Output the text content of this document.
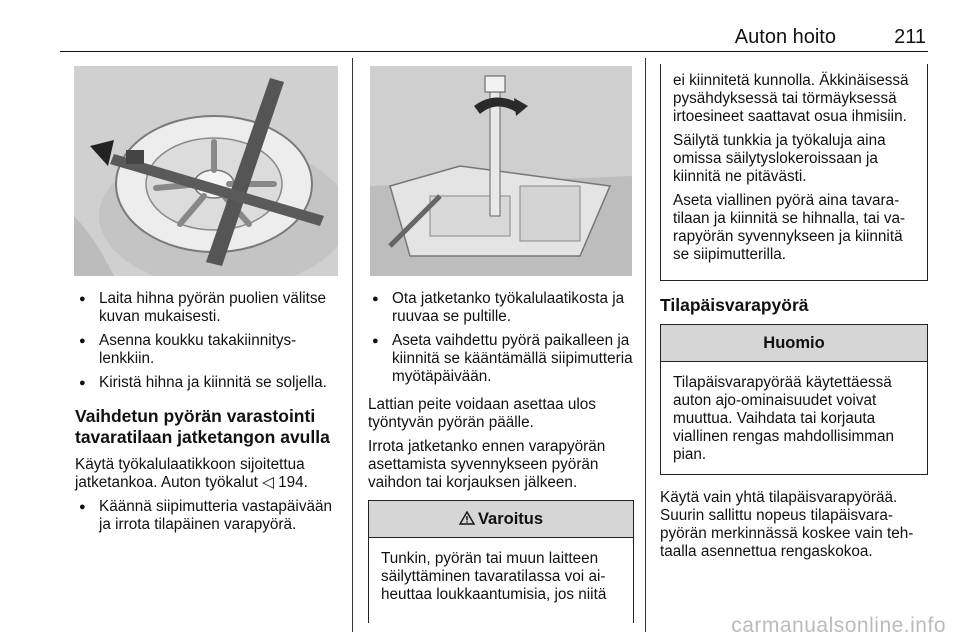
Auton hoito	211
● Laita hihna pyörän puolien välitse kuvan mukaisesti.
● Asenna koukku takakiinnityslenkkiin.
● Kiristä hihna ja kiinnitä se soljella.
Vaihdetun pyörän varastointi tavaratilaan jatketangon avulla

Käytä työkalulaatikkoon sijoitettua jatketankoa. Auton työkalut ◁ 194.

● Käännä siipimutteria vastapäivään ja irrota tilapäinen varapyörä.
● Ota jatketanko työkalulaatikosta ja ruuvaa se pultille.
● Aseta vaihdettu pyörä paikalleen ja kiinnitä se kääntämällä siipimutteria myötäpäivään.

Lattian peite voidaan asettaa ulos työntyvän pyörän päälle.

Irrota jatketanko ennen varapyörän asettamista syvennykseen pyörän vaihdon tai korjauksen jälkeen.

Varoitus
Tunkin, pyörän tai muun laitteen säilyttäminen tavaratilassa voi aiheuttaa loukkaantumisia, jos niitä

ei kiinnitetä kunnolla. Äkkinäisessä pysähdyksessä tai törmäyksessä irtoesineet saattavat osua ihmisiin.

Säilytä tunkkia ja työkaluja aina omissa säilytyslokeroissaan ja kiinnitä ne pitävästi.

Aseta viallinen pyörä aina tavaratilaan ja kiinnitä se hihnalla, tai varapyörän syvennykseen ja kiinnitä se siipimutterilla.

Tilapäisvarapyörä
Huomio
Tilapäisvarapyörää käytettäessä auton ajo-ominaisuudet voivat muuttua. Vaihdata tai korjauta viallinen rengas mahdollisimman pian.

Käytä vain yhtä tilapäisvarapyörää. Suurin sallittu nopeus tilapäisvarapyörän merkinnässä koskee vain tehtaalla asennettua rengaskokoa.

carmanualsonline.info
